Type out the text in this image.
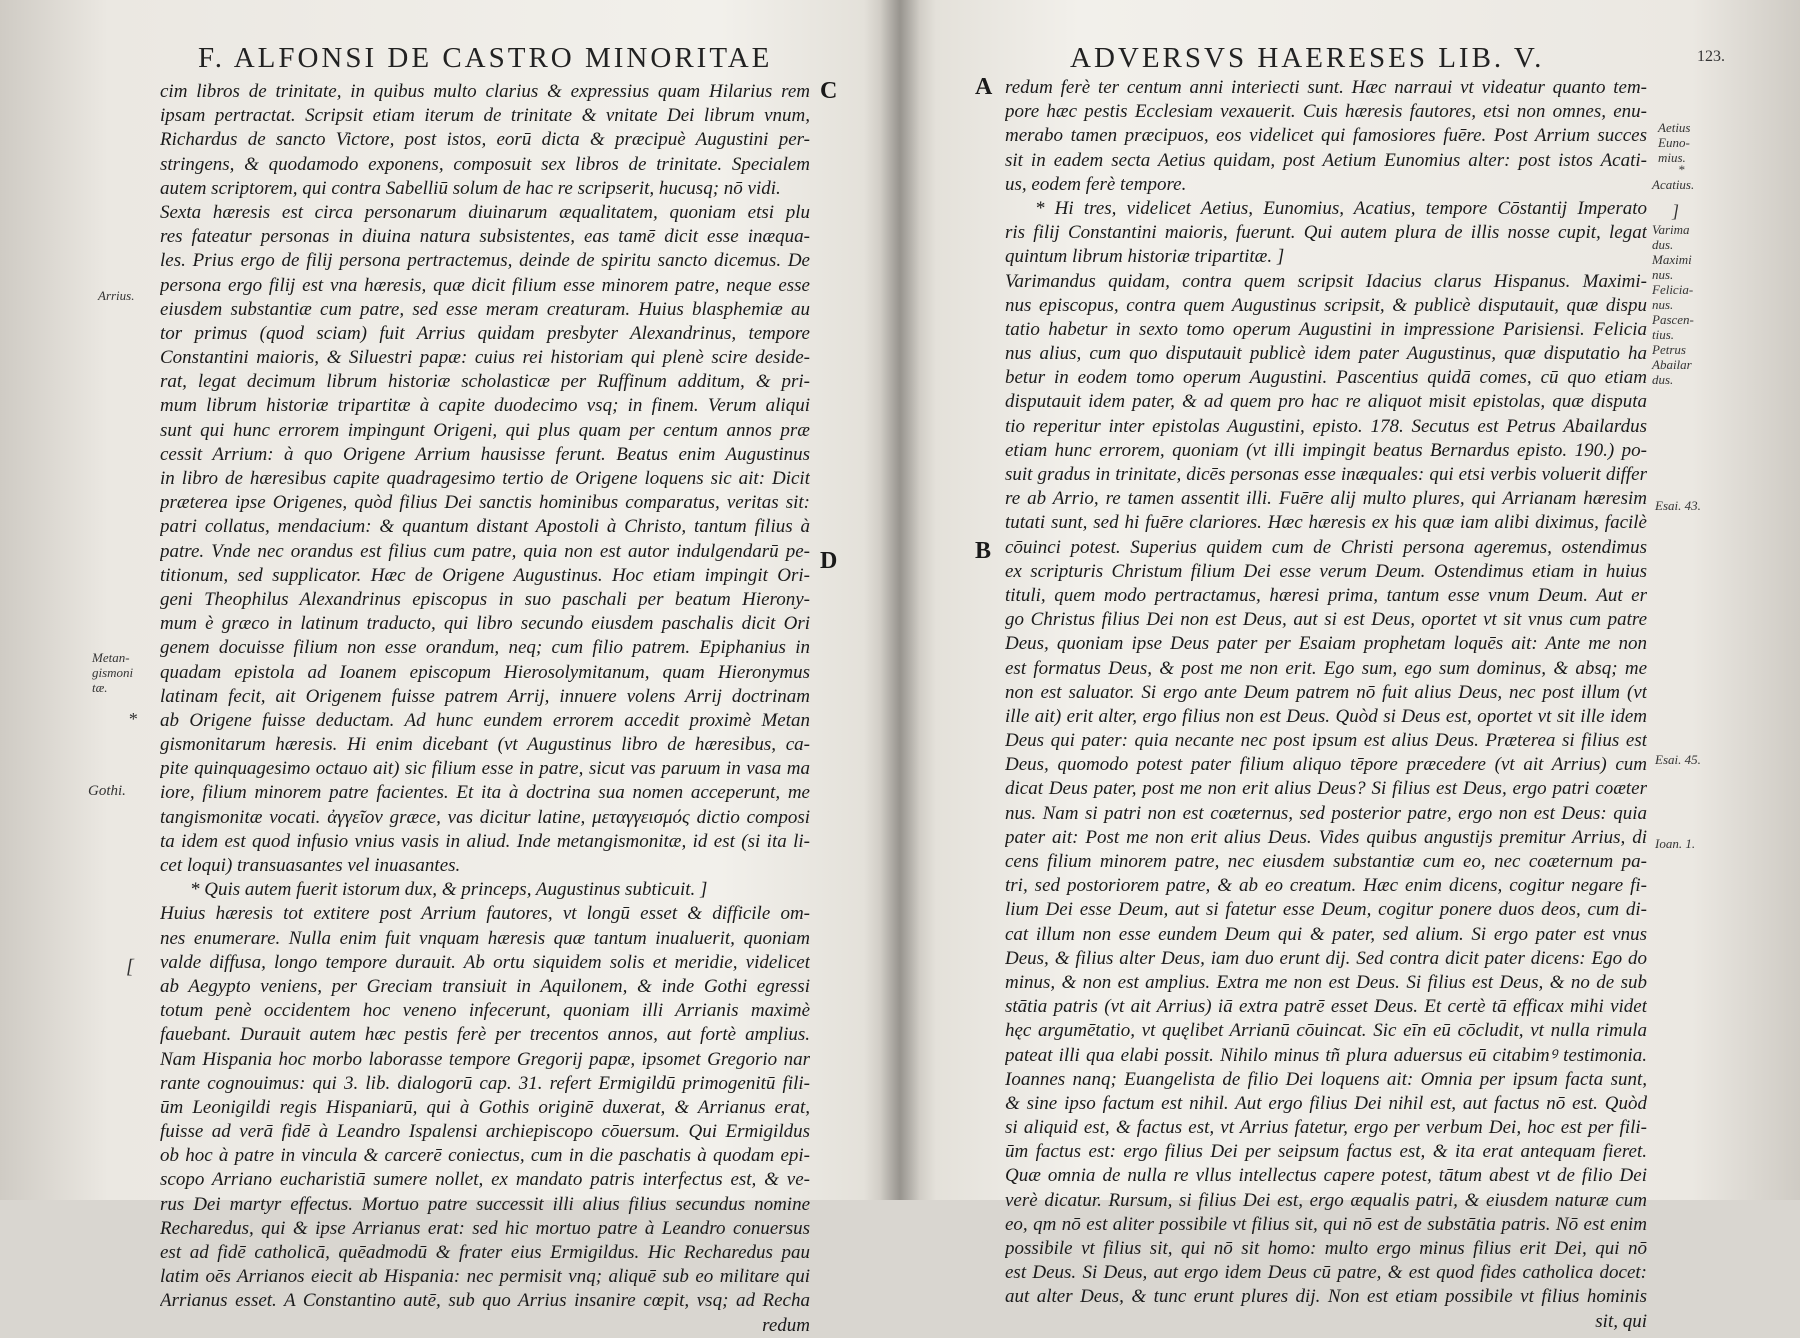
F. ALFONSI DE CASTRO MINORITAE
cim libros de trinitate, in quibus multo clarius & expressius quam Hilarius rem
ipsam pertractat. Scripsit etiam iterum de trinitate & vnitate Dei librum vnum,
Richardus de sancto Victore, post istos, eorū dicta & præcipuè Augustini per-
stringens, & quodamodo exponens, composuit sex libros de trinitate. Specialem
autem scriptorem, qui contra Sabelliū solum de hac re scripserit, hucusq; nō vidi.
Sexta hæresis est circa personarum diuinarum æqualitatem, quoniam etsi plu
res fateatur personas in diuina natura subsistentes, eas tamē dicit esse inæqua-
les. Prius ergo de filij persona pertractemus, deinde de spiritu sancto dicemus. De
persona ergo filij est vna hæresis, quæ dicit filium esse minorem patre, neque esse
eiusdem substantiæ cum patre, sed esse meram creaturam. Huius blasphemiæ au
tor primus (quod sciam) fuit Arrius quidam presbyter Alexandrinus, tempore
Constantini maioris, & Siluestri papæ: cuius rei historiam qui plenè scire deside-
rat, legat decimum librum historiæ scholasticæ per Ruffinum additum, & pri-
mum librum historiæ tripartitæ à capite duodecimo vsq; in finem. Verum aliqui
sunt qui hunc errorem impingunt Origeni, qui plus quam per centum annos præ
cessit Arrium: à quo Origene Arrium hausisse ferunt. Beatus enim Augustinus
in libro de hæresibus capite quadragesimo tertio de Origene loquens sic ait: Dicit
præterea ipse Origenes, quòd filius Dei sanctis hominibus comparatus, veritas sit:
patri collatus, mendacium: & quantum distant Apostoli à Christo, tantum filius à
patre. Vnde nec orandus est filius cum patre, quia non est autor indulgendarū pe-
titionum, sed supplicator. Hæc de Origene Augustinus. Hoc etiam impingit Ori-
geni Theophilus Alexandrinus episcopus in suo paschali per beatum Hierony-
mum è græco in latinum traducto, qui libro secundo eiusdem paschalis dicit Ori
genem docuisse filium non esse orandum, neq; cum filio patrem. Epiphanius in
quadam epistola ad Ioanem episcopum Hierosolymitanum, quam Hieronymus
latinam fecit, ait Origenem fuisse patrem Arrij, innuere volens Arrij doctrinam
ab Origene fuisse deductam. Ad hunc eundem errorem accedit proximè Metan
gismonitarum hæresis. Hi enim dicebant (vt Augustinus libro de hæresibus, ca-
pite quinquagesimo octauo ait) sic filium esse in patre, sicut vas paruum in vasa ma
iore, filium minorem patre facientes. Et ita à doctrina sua nomen acceperunt, me
tangismonitæ vocati. ἀγγεῖον græce, vas dicitur latine, μεταγγεισμός dictio composi
ta idem est quod infusio vnius vasis in aliud. Inde metangismonitæ, id est (si ita li-
cet loqui) transuasantes vel inuasantes.
* Quis autem fuerit istorum dux, & princeps, Augustinus subticuit. ]
Huius hæresis tot extitere post Arrium fautores, vt longū esset & difficile om-
nes enumerare. Nulla enim fuit vnquam hæresis quæ tantum inualuerit, quoniam
valde diffusa, longo tempore durauit. Ab ortu siquidem solis et meridie, videlicet
ab Aegypto veniens, per Greciam transiuit in Aquilonem, & inde Gothi egressi
totum penè occidentem hoc veneno infecerunt, quoniam illi Arrianis maximè
fauebant. Durauit autem hæc pestis ferè per trecentos annos, aut fortè amplius.
Nam Hispania hoc morbo laborasse tempore Gregorij papæ, ipsomet Gregorio nar
rante cognouimus: qui 3. lib. dialogorū cap. 31. refert Ermigildū primogenitū fili-
ūm Leonigildi regis Hispaniarū, qui à Gothis originē duxerat, & Arrianus erat,
fuisse ad verā fidē à Leandro Ispalensi archiepiscopo cōuersum. Qui Ermigildus
ob hoc à patre in vincula & carcerē coniectus, cum in die paschatis à quodam epi-
scopo Arriano eucharistiā sumere nollet, ex mandato patris interfectus est, & ve-
rus Dei martyr effectus. Mortuo patre successit illi alius filius secundus nomine
Recharedus, qui & ipse Arrianus erat: sed hic mortuo patre à Leandro conuersus
est ad fidē catholicā, quēadmodū & frater eius Ermigildus. Hic Recharedus pau
latim oēs Arrianos eiecit ab Hispania: nec permisit vnq; aliquē sub eo militare qui
Arrianus esset. A Constantino autē, sub quo Arrius insanire cœpit, vsq; ad Recha
redum
C
D
Arrius.
Metan-
gismoni
tæ.
*
Gothi.
[
ADVERSVS HAERESES LIB. V.	123.
redum ferè ter centum anni interiecti sunt. Hæc narraui vt videatur quanto tem-
pore hæc pestis Ecclesiam vexauerit. Cuis hæresis fautores, etsi non omnes, enu-
merabo tamen præcipuos, eos videlicet qui famosiores fuēre. Post Arrium succes
sit in eadem secta Aetius quidam, post Aetium Eunomius alter: post istos Acati-
us, eodem ferè tempore.
* Hi tres, videlicet Aetius, Eunomius, Acatius, tempore Cōstantij Imperato
ris filij Constantini maioris, fuerunt. Qui autem plura de illis nosse cupit, legat
quintum librum historiæ tripartitæ. ]
Varimandus quidam, contra quem scripsit Idacius clarus Hispanus. Maximi-
nus episcopus, contra quem Augustinus scripsit, & publicè disputauit, quæ dispu
tatio habetur in sexto tomo operum Augustini in impressione Parisiensi. Felicia
nus alius, cum quo disputauit publicè idem pater Augustinus, quæ disputatio ha
betur in eodem tomo operum Augustini. Pascentius quidā comes, cū quo etiam
disputauit idem pater, & ad quem pro hac re aliquot misit epistolas, quæ disputa
tio reperitur inter epistolas Augustini, episto. 178. Secutus est Petrus Abailardus
etiam hunc errorem, quoniam (vt illi impingit beatus Bernardus episto. 190.) po-
suit gradus in trinitate, dicēs personas esse inæquales: qui etsi verbis voluerit differ
re ab Arrio, re tamen assentit illi. Fuēre alij multo plures, qui Arrianam hæresim
tutati sunt, sed hi fuēre clariores. Hæc hæresis ex his quæ iam alibi diximus, facilè
cōuinci potest. Superius quidem cum de Christi persona ageremus, ostendimus
ex scripturis Christum filium Dei esse verum Deum. Ostendimus etiam in huius
tituli, quem modo pertractamus, hæresi prima, tantum esse vnum Deum. Aut er
go Christus filius Dei non est Deus, aut si est Deus, oportet vt sit vnus cum patre
Deus, quoniam ipse Deus pater per Esaiam prophetam loquēs ait: Ante me non
est formatus Deus, & post me non erit. Ego sum, ego sum dominus, & absq; me
non est saluator. Si ergo ante Deum patrem nō fuit alius Deus, nec post illum (vt
ille ait) erit alter, ergo filius non est Deus. Quòd si Deus est, oportet vt sit ille idem
Deus qui pater: quia necante nec post ipsum est alius Deus. Præterea si filius est
Deus, quomodo potest pater filium aliquo tēpore præcedere (vt ait Arrius) cum
dicat Deus pater, post me non erit alius Deus? Si filius est Deus, ergo patri coæter
nus. Nam si patri non est coæternus, sed posterior patre, ergo non est Deus: quia
pater ait: Post me non erit alius Deus. Vides quibus angustijs premitur Arrius, di
cens filium minorem patre, nec eiusdem substantiæ cum eo, nec coæternum pa-
tri, sed postoriorem patre, & ab eo creatum. Hæc enim dicens, cogitur negare fi-
lium Dei esse Deum, aut si fatetur esse Deum, cogitur ponere duos deos, cum di-
cat illum non esse eundem Deum qui & pater, sed alium. Si ergo pater est vnus
Deus, & filius alter Deus, iam duo erunt dij. Sed contra dicit pater dicens: Ego do
minus, & non est amplius. Extra me non est Deus. Si filius est Deus, & no de sub
stātia patris (vt ait Arrius) iā extra patrē esset Deus. Et certè tā efficax mihi videt
hęc argumētatio, vt quęlibet Arrianū cōuincat. Sic eīn eū cōcludit, vt nulla rimula
pateat illi qua elabi possit. Nihilo minus tñ plura aduersus eū citabimꝰ testimonia.
Ioannes nanq; Euangelista de filio Dei loquens ait: Omnia per ipsum facta sunt,
& sine ipso factum est nihil. Aut ergo filius Dei nihil est, aut factus nō est. Quòd
si aliquid est, & factus est, vt Arrius fatetur, ergo per verbum Dei, hoc est per fili-
ūm factus est: ergo filius Dei per seipsum factus est, & ita erat antequam fieret.
Quæ omnia de nulla re vllus intellectus capere potest, tātum abest vt de filio Dei
verè dicatur. Rursum, si filius Dei est, ergo æqualis patri, & eiusdem naturæ cum
eo, qm nō est aliter possibile vt filius sit, qui nō est de substātia patris. Nō est enim
possibile vt filius sit, qui nō sit homo: multo ergo minus filius erit Dei, qui nō
est Deus. Si Deus, aut ergo idem Deus cū patre, & est quod fides catholica docet:
aut alter Deus, & tunc erunt plures dij. Non est etiam possibile vt filius hominis
sit, qui
A
B
Aetius
Euno-
mius.
*
Acatius.
]
Varima
dus.
Maximi
nus.
Felicia-
nus.
Pascen-
tius.
Petrus
Abailar
dus.
Esai. 43.
Esai. 45.
Ioan. 1.
